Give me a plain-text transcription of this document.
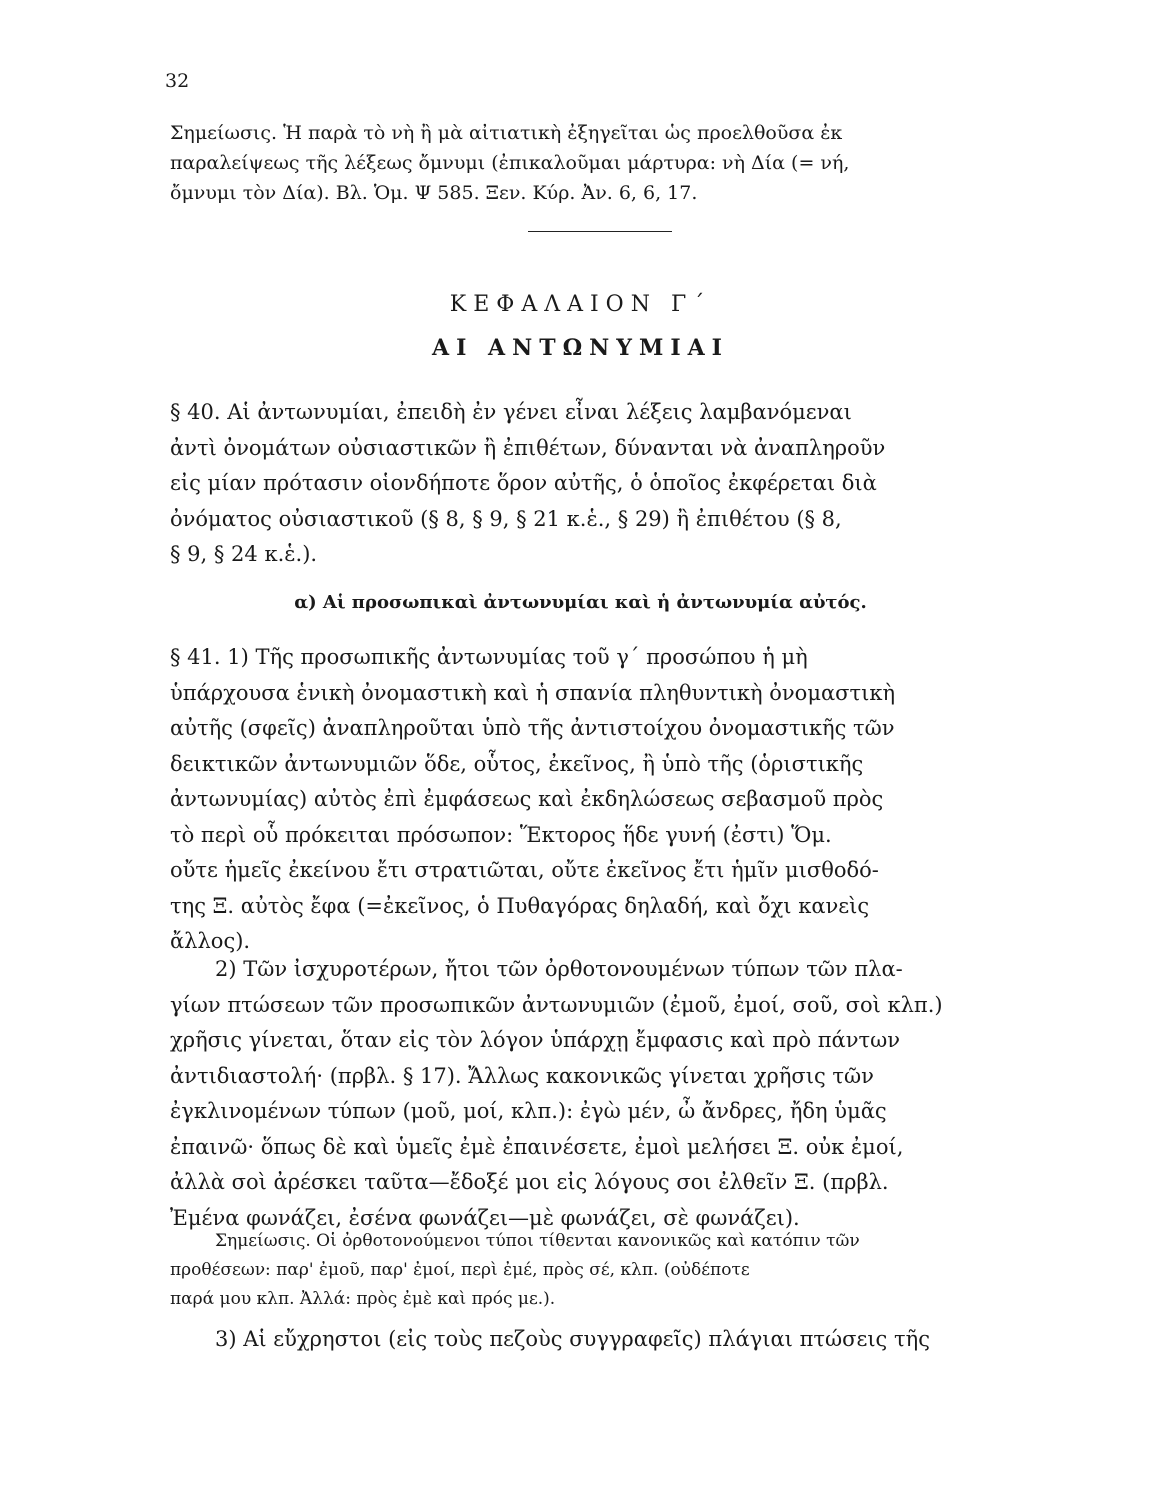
32

Σημείωσις. Ἡ παρὰ τὸ νὴ ἢ μὰ αἰτιατικὴ ἐξηγεῖται ὡς προελθοῦσα ἐκ

παραλείψεως τῆς λέξεως ὄμνυμι (ἐπικαλοῦμαι μάρτυρα: νὴ Δία (= νή,

ὄμνυμι τὸν Δία). Βλ. Ὁμ. Ψ 585. Ξεν. Κύρ. Ἀν. 6, 6, 17.

ΚΕΦΑΛΑΙΟΝ Γ΄
ΑΙ ΑΝΤΩΝΥΜΙΑΙ

§ 40. Αἱ ἀντωνυμίαι, ἐπειδὴ ἐν γένει εἶναι λέξεις λαμβανόμεναι

ἀντὶ ὀνομάτων οὐσιαστικῶν ἢ ἐπιθέτων, δύνανται νὰ ἀναπληροῦν

εἰς μίαν πρότασιν οἱονδήποτε ὅρον αὐτῆς, ὁ ὁποῖος ἐκφέρεται διὰ

ὀνόματος οὐσιαστικοῦ (§ 8, § 9, § 21 κ.ἑ., § 29) ἢ ἐπιθέτου (§ 8,

§ 9, § 24 κ.ἑ.).

α) Αἱ προσωπικαὶ ἀντωνυμίαι καὶ ἡ ἀντωνυμία αὐτός.

§ 41. 1) Τῆς προσωπικῆς ἀντωνυμίας τοῦ γ΄ προσώπου ἡ μὴ

ὑπάρχουσα ἑνικὴ ὀνομαστικὴ καὶ ἡ σπανία πληθυντικὴ ὀνομαστικὴ

αὐτῆς (σφεῖς) ἀναπληροῦται ὑπὸ τῆς ἀντιστοίχου ὀνομαστικῆς τῶν

δεικτικῶν ἀντωνυμιῶν ὅδε, οὗτος, ἐκεῖνος, ἢ ὑπὸ τῆς (ὁριστικῆς

ἀντωνυμίας) αὐτὸς ἐπὶ ἐμφάσεως καὶ ἐκδηλώσεως σεβασμοῦ πρὸς

τὸ περὶ οὗ πρόκειται πρόσωπον: Ἕκτορος ἥδε γυνή (ἐστι) Ὅμ.

οὔτε ἡμεῖς ἐκείνου ἔτι στρατιῶται, οὔτε ἐκεῖνος ἔτι ἡμῖν μισθοδό-

της Ξ. αὐτὸς ἔφα (=ἐκεῖνος, ὁ Πυθαγόρας δηλαδή, καὶ ὄχι κανεὶς

ἄλλος).

2) Τῶν ἰσχυροτέρων, ἤτοι τῶν ὀρθοτονουμένων τύπων τῶν πλα-

γίων πτώσεων τῶν προσωπικῶν ἀντωνυμιῶν (ἐμοῦ, ἐμοί, σοῦ, σοὶ κλπ.)

χρῆσις γίνεται, ὅταν εἰς τὸν λόγον ὑπάρχῃ ἔμφασις καὶ πρὸ πάντων

ἀντιδιαστολή· (πρβλ. § 17). Ἄλλως κακονικῶς γίνεται χρῆσις τῶν

ἐγκλινομένων τύπων (μοῦ, μοί, κλπ.): ἐγὼ μέν, ὦ ἄνδρες, ἤδη ὑμᾶς

ἐπαινῶ· ὅπως δὲ καὶ ὑμεῖς ἐμὲ ἐπαινέσετε, ἐμοὶ μελήσει Ξ. οὐκ ἐμοί,

ἀλλὰ σοὶ ἀρέσκει ταῦτα—ἔδοξέ μοι εἰς λόγους σοι ἐλθεῖν Ξ. (πρβλ.

Ἐμένα φωνάζει, ἐσένα φωνάζει—μὲ φωνάζει, σὲ φωνάζει).

Σημείωσις. Οἱ ὀρθοτονούμενοι τύποι τίθενται κανονικῶς καὶ κατόπιν τῶν

προθέσεων: παρ' ἐμοῦ, παρ' ἐμοί, περὶ ἐμέ, πρὸς σέ, κλπ. (οὐδέποτε

παρά μου κλπ. Ἀλλά: πρὸς ἐμὲ καὶ πρός με.).

3) Αἱ εὔχρηστοι (εἰς τοὺς πεζοὺς συγγραφεῖς) πλάγιαι πτώσεις τῆς
